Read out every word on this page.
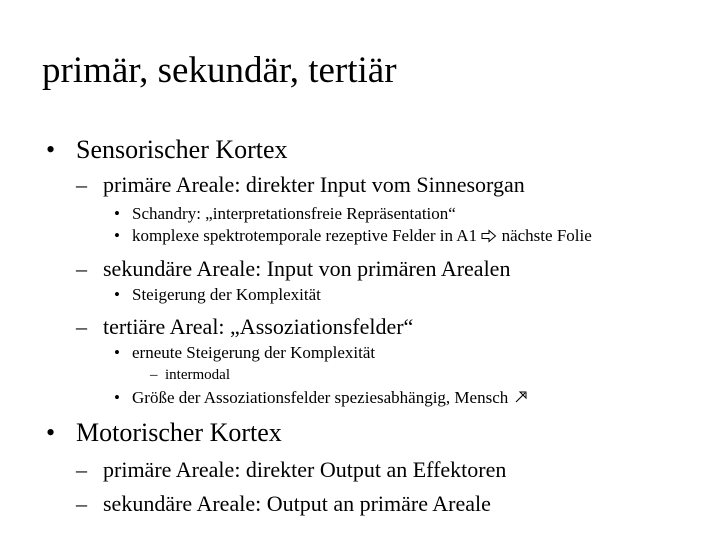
primär, sekundär, tertiär
• Sensorischer Kortex
– primäre Areale: direkter Input vom Sinnesorgan
• Schandry: „interpretationsfreie Repräsentation“
• komplexe spektrotemporale rezeptive Felder in A1 nächste Folie
– sekundäre Areale: Input von primären Arealen
• Steigerung der Komplexität
– tertiäre Areal: „Assoziationsfelder“
• erneute Steigerung der Komplexität
– intermodal
• Größe der Assoziationsfelder speziesabhängig, Mensch
• Motorischer Kortex
– primäre Areale: direkter Output an Effektoren
– sekundäre Areale: Output an primäre Areale
